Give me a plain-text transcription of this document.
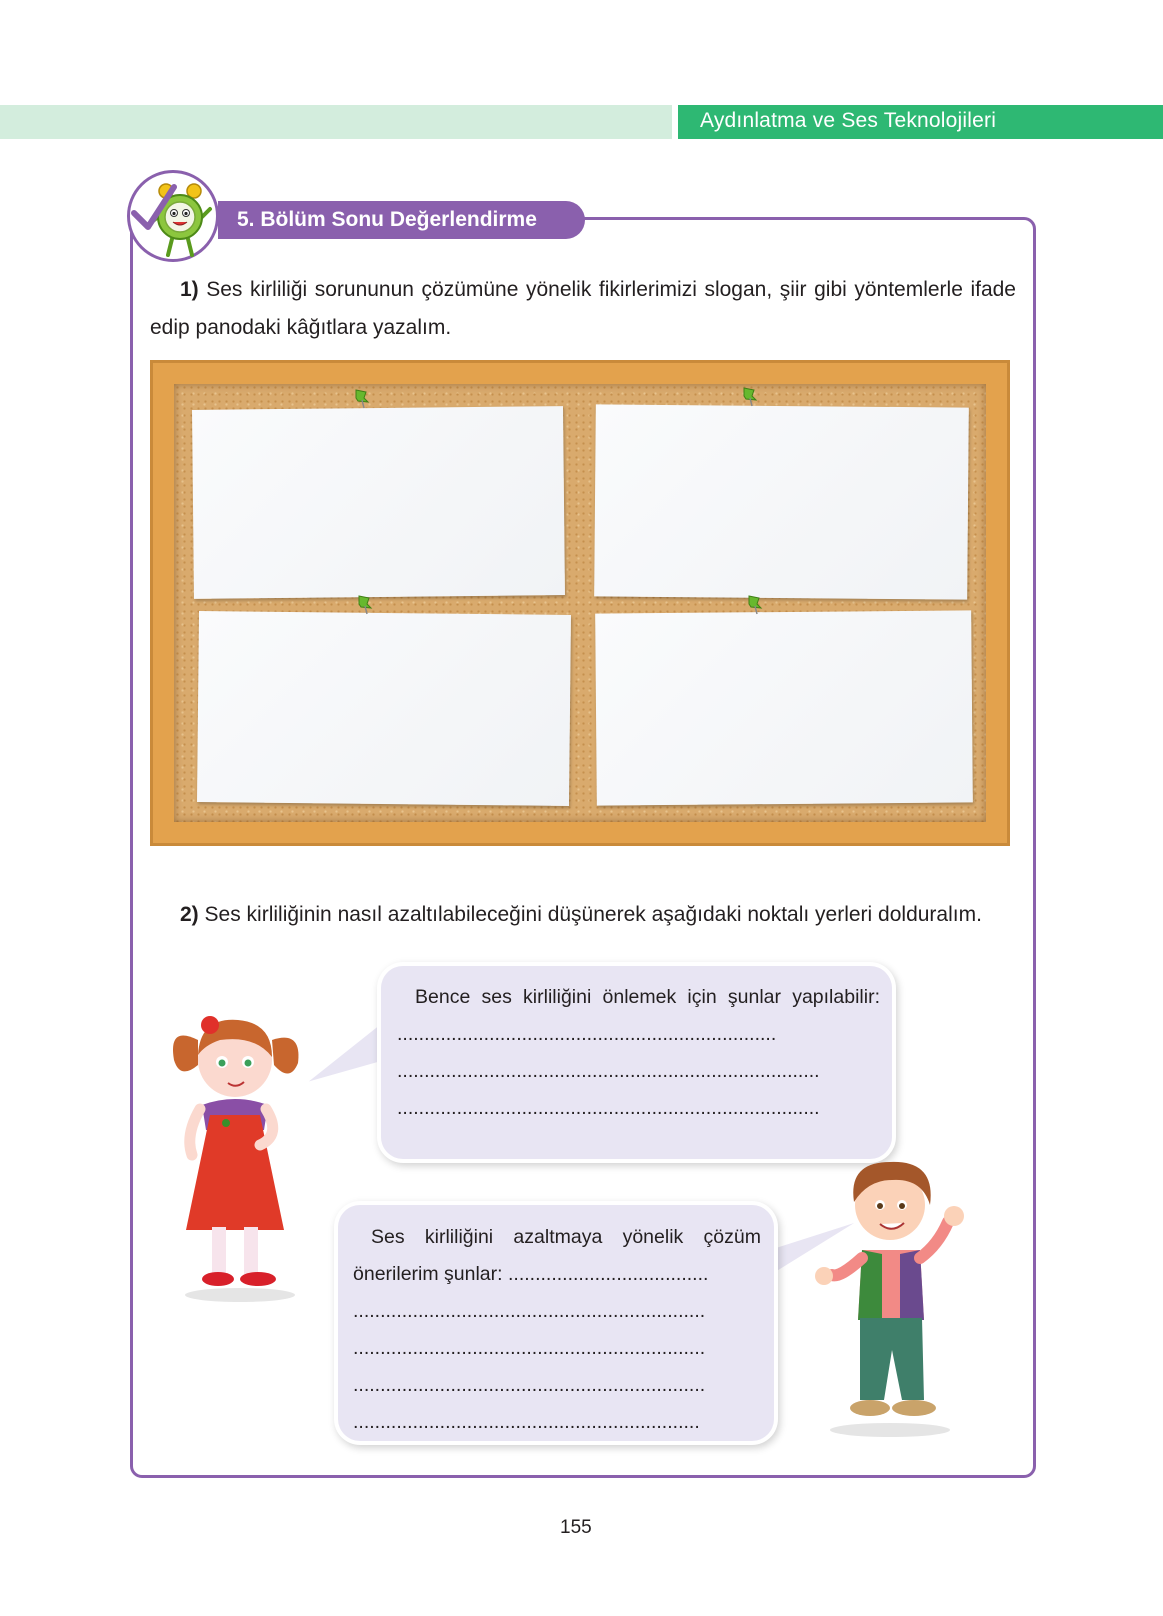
Aydınlatma ve Ses Teknolojileri
5. Bölüm Sonu Değerlendirme
1) Ses kirliliği sorununun çözümüne yönelik fikirlerimizi slogan, şiir gibi yöntemlerle ifade edip panodaki kâğıtlara yazalım.
2) Ses kirliliğinin nasıl azaltılabileceğini düşünerek aşağıdaki noktalı yerleri dolduralım.
Bence ses kirliliğini önlemek için şunlar yapılabilir: ......................................................................
..............................................................................
..............................................................................
Ses kirliliğini azaltmaya yönelik çözüm önerilerim şunlar: .....................................
.................................................................
.................................................................
.................................................................
................................................................
155
